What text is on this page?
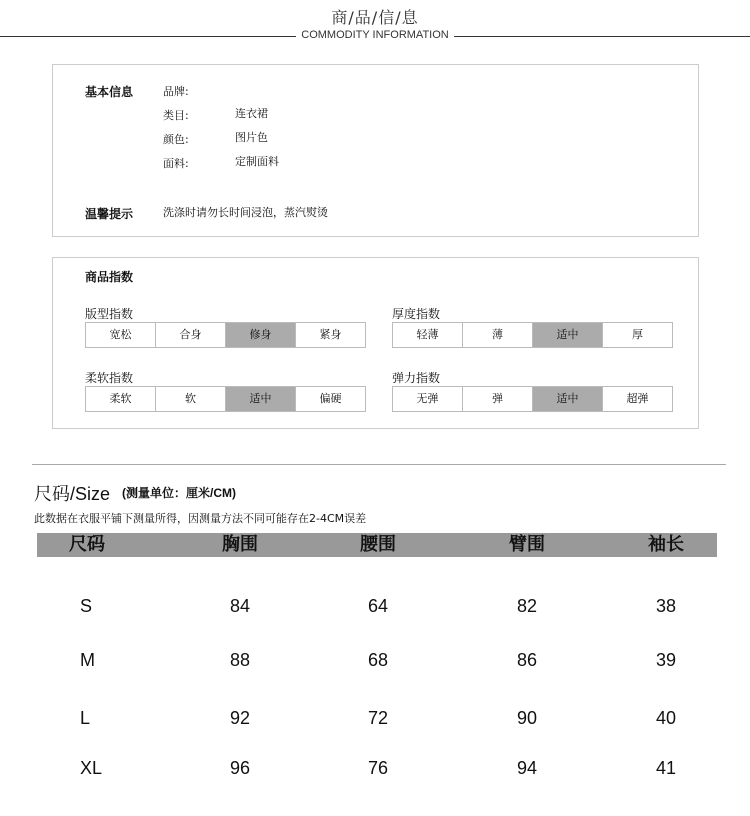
商/品/信/息
COMMODITY INFORMATION
基本信息	品牌:
类目:	连衣裙
颜色:	图片色
面料:	定制面料
温馨提示	洗涤时请勿长时间浸泡，蒸汽熨烫
商品指数
版型指数
宽松	合身	修身	紧身
厚度指数
轻薄	薄	适中	厚
柔软指数
柔软	软	适中	偏硬
弹力指数
无弹	弹	适中	超弹
尺码/Size (测量单位：厘米/CM)
此数据在衣服平铺下测量所得，因测量方法不同可能存在2-4CM误差
尺码	胸围	腰围	臂围	袖长
S	84	64	82	38
M	88	68	86	39
L	92	72	90	40
XL	96	76	94	41
